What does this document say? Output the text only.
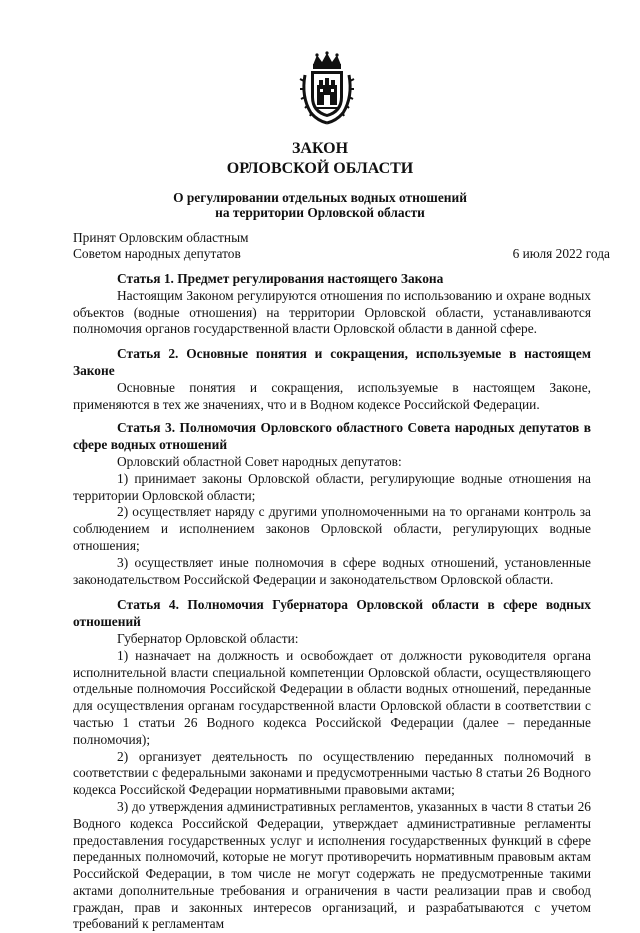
ЗАКОН
ОРЛОВСКОЙ ОБЛАСТИ
О регулировании отдельных водных отношений
на территории Орловской области
Принят Орловским областным
Советом народных депутатов	6 июля 2022 года
Статья 1. Предмет регулирования настоящего Закона

Настоящим Законом регулируются отношения по использованию и охране водных объектов (водные отношения) на территории Орловской области, устанавливаются полномочия органов государственной власти Орловской области в данной сфере.

Статья 2. Основные понятия и сокращения, используемые в настоящем Законе

Основные понятия и сокращения, используемые в настоящем Законе, применяются в тех же значениях, что и в Водном кодексе Российской Федерации.

Статья 3. Полномочия Орловского областного Совета народных депутатов в сфере водных отношений

Орловский областной Совет народных депутатов:

1) принимает законы Орловской области, регулирующие водные отношения на территории Орловской области;

2) осуществляет наряду с другими уполномоченными на то органами контроль за соблюдением и исполнением законов Орловской области, регулирующих водные отношения;

3) осуществляет иные полномочия в сфере водных отношений, установленные законодательством Российской Федерации и законодательством Орловской области.

Статья 4. Полномочия Губернатора Орловской области в сфере водных отношений

Губернатор Орловской области:

1) назначает на должность и освобождает от должности руководителя органа исполнительной власти специальной компетенции Орловской области, осуществляющего отдельные полномочия Российской Федерации в области водных отношений, переданные для осуществления органам государственной власти Орловской области в соответствии с частью 1 статьи 26 Водного кодекса Российской Федерации (далее – переданные полномочия);

2) организует деятельность по осуществлению переданных полномочий в соответствии с федеральными законами и предусмотренными частью 8 статьи 26 Водного кодекса Российской Федерации нормативными правовыми актами;

3) до утверждения административных регламентов, указанных в части 8 статьи 26 Водного кодекса Российской Федерации, утверждает административные регламенты предоставления государственных услуг и исполнения государственных функций в сфере переданных полномочий, которые не могут противоречить нормативным правовым актам Российской Федерации, в том числе не могут содержать не предусмотренные такими актами дополнительные требования и ограничения в части реализации прав и свобод граждан, прав и законных интересов организаций, и разрабатываются с учетом требований к регламентам
